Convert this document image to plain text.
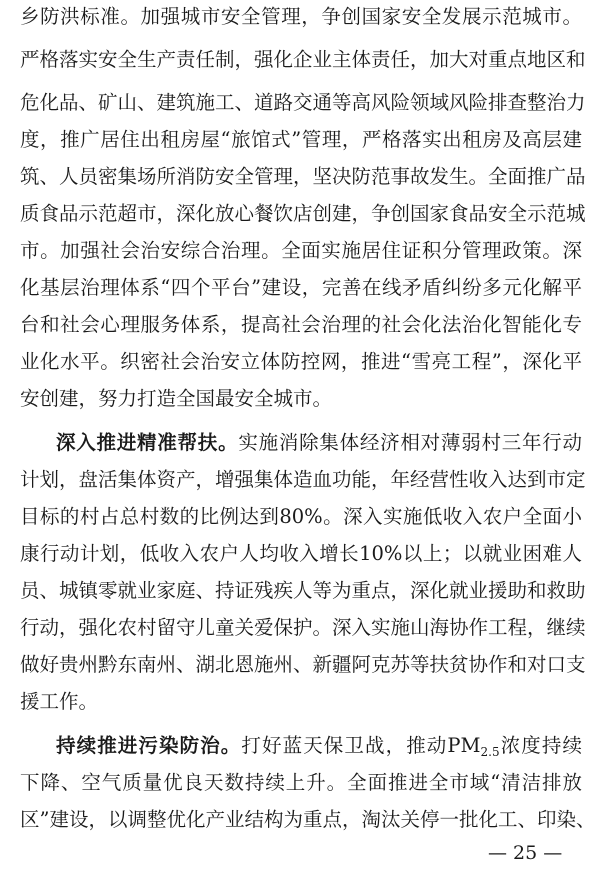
乡防洪标准。加强城市安全管理，争创国家安全发展示范城市。
严格落实安全生产责任制，强化企业主体责任，加大对重点地区和
危化品、矿山、建筑施工、道路交通等高风险领域风险排查整治力
度，推广居住出租房屋“旅馆式”管理，严格落实出租房及高层建
筑、人员密集场所消防安全管理，坚决防范事故发生。全面推广品
质食品示范超市，深化放心餐饮店创建，争创国家食品安全示范城
市。加强社会治安综合治理。全面实施居住证积分管理政策。深
化基层治理体系“四个平台”建设，完善在线矛盾纠纷多元化解平
台和社会心理服务体系，提高社会治理的社会化法治化智能化专
业化水平。织密社会治安立体防控网，推进“雪亮工程”，深化平
安创建，努力打造全国最安全城市。
深入推进精准帮扶。实施消除集体经济相对薄弱村三年行动
计划，盘活集体资产，增强集体造血功能，年经营性收入达到市定
目标的村占总村数的比例达到80%。深入实施低收入农户全面小
康行动计划，低收入农户人均收入增长10%以上；以就业困难人
员、城镇零就业家庭、持证残疾人等为重点，深化就业援助和救助
行动，强化农村留守儿童关爱保护。深入实施山海协作工程，继续
做好贵州黔东南州、湖北恩施州、新疆阿克苏等扶贫协作和对口支
援工作。
持续推进污染防治。打好蓝天保卫战，推动$PM_{2.5}$浓度持续
下降、空气质量优良天数持续上升。全面推进全市域“清洁排放
区”建设，以调整优化产业结构为重点，淘汰关停一批化工、印染、
— 25 —
